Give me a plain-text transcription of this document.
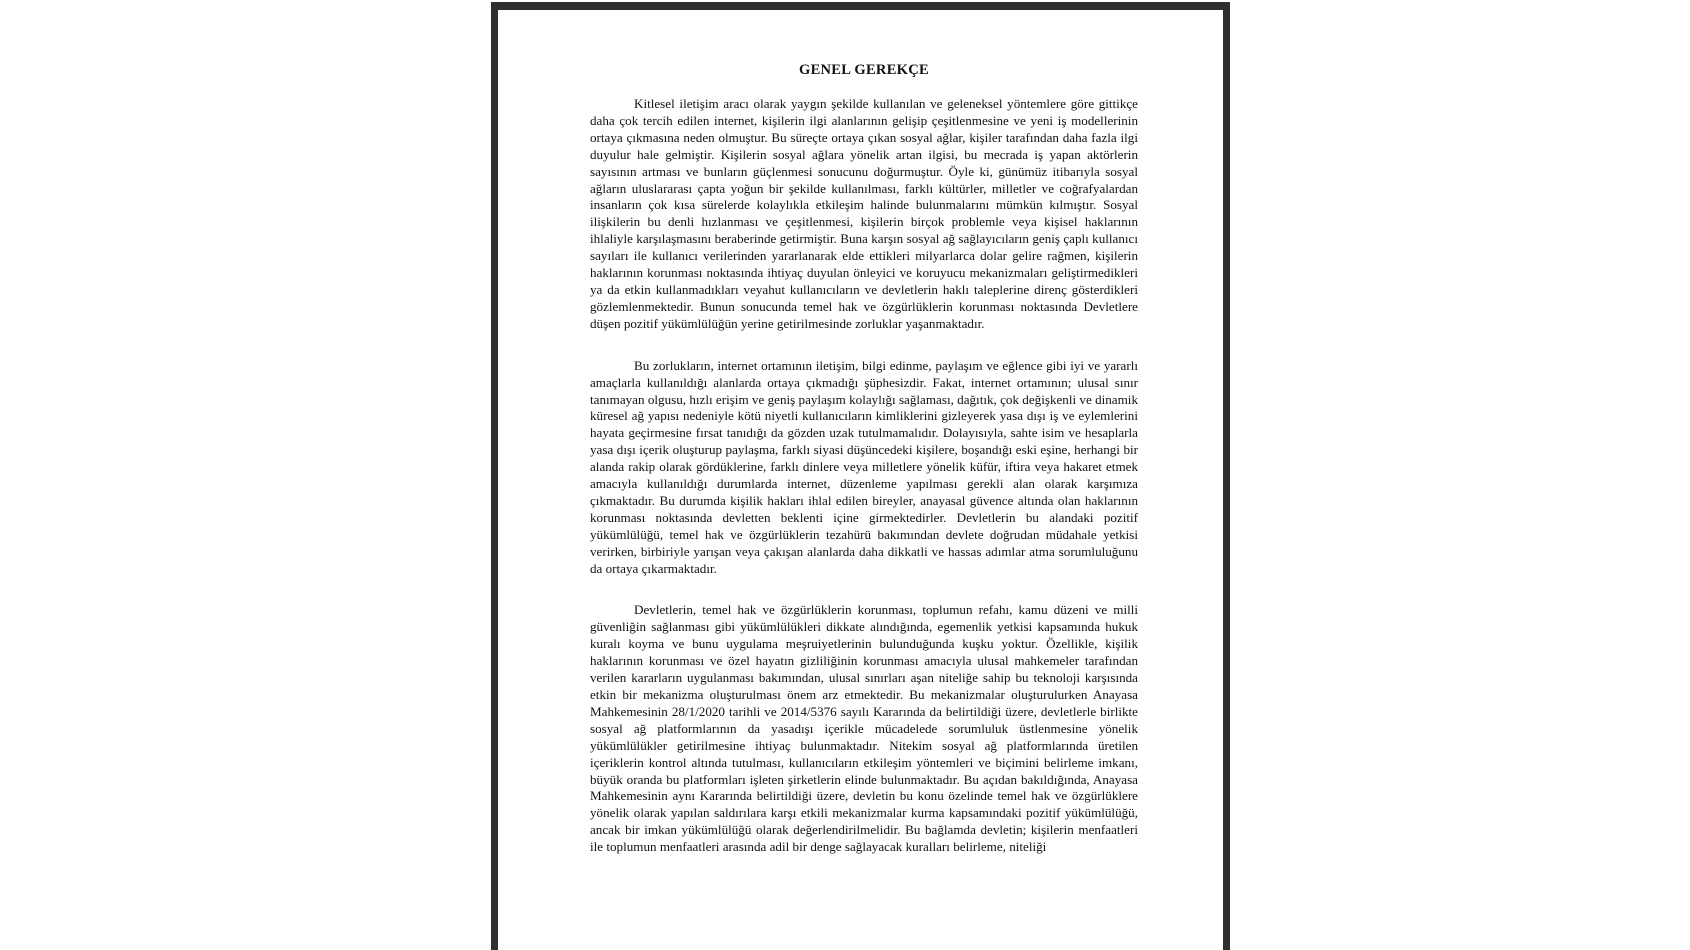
GENEL GEREKÇE

Kitlesel iletişim aracı olarak yaygın şekilde kullanılan ve geleneksel yöntemlere göre gittikçe daha çok tercih edilen internet, kişilerin ilgi alanlarının gelişip çeşitlenmesine ve yeni iş modellerinin ortaya çıkmasına neden olmuştur. Bu süreçte ortaya çıkan sosyal ağlar, kişiler tarafından daha fazla ilgi duyulur hale gelmiştir. Kişilerin sosyal ağlara yönelik artan ilgisi, bu mecrada iş yapan aktörlerin sayısının artması ve bunların güçlenmesi sonucunu doğurmuştur. Öyle ki, günümüz itibarıyla sosyal ağların uluslararası çapta yoğun bir şekilde kullanılması, farklı kültürler, milletler ve coğrafyalardan insanların çok kısa sürelerde kolaylıkla etkileşim halinde bulunmalarını mümkün kılmıştır. Sosyal ilişkilerin bu denli hızlanması ve çeşitlenmesi, kişilerin birçok problemle veya kişisel haklarının ihlaliyle karşılaşmasını beraberinde getirmiştir. Buna karşın sosyal ağ sağlayıcıların geniş çaplı kullanıcı sayıları ile kullanıcı verilerinden yararlanarak elde ettikleri milyarlarca dolar gelire rağmen, kişilerin haklarının korunması noktasında ihtiyaç duyulan önleyici ve koruyucu mekanizmaları geliştirmedikleri ya da etkin kullanmadıkları veyahut kullanıcıların ve devletlerin haklı taleplerine direnç gösterdikleri gözlemlenmektedir. Bunun sonucunda temel hak ve özgürlüklerin korunması noktasında Devletlere düşen pozitif yükümlülüğün yerine getirilmesinde zorluklar yaşanmaktadır.

Bu zorlukların, internet ortamının iletişim, bilgi edinme, paylaşım ve eğlence gibi iyi ve yararlı amaçlarla kullanıldığı alanlarda ortaya çıkmadığı şüphesizdir. Fakat, internet ortamının; ulusal sınır tanımayan olgusu, hızlı erişim ve geniş paylaşım kolaylığı sağlaması, dağıtık, çok değişkenli ve dinamik küresel ağ yapısı nedeniyle kötü niyetli kullanıcıların kimliklerini gizleyerek yasa dışı iş ve eylemlerini hayata geçirmesine fırsat tanıdığı da gözden uzak tutulmamalıdır. Dolayısıyla, sahte isim ve hesaplarla yasa dışı içerik oluşturup paylaşma, farklı siyasi düşüncedeki kişilere, boşandığı eski eşine, herhangi bir alanda rakip olarak gördüklerine, farklı dinlere veya milletlere yönelik küfür, iftira veya hakaret etmek amacıyla kullanıldığı durumlarda internet, düzenleme yapılması gerekli alan olarak karşımıza çıkmaktadır. Bu durumda kişilik hakları ihlal edilen bireyler, anayasal güvence altında olan haklarının korunması noktasında devletten beklenti içine girmektedirler. Devletlerin bu alandaki pozitif yükümlülüğü, temel hak ve özgürlüklerin tezahürü bakımından devlete doğrudan müdahale yetkisi verirken, birbiriyle yarışan veya çakışan alanlarda daha dikkatli ve hassas adımlar atma sorumluluğunu da ortaya çıkarmaktadır.

Devletlerin, temel hak ve özgürlüklerin korunması, toplumun refahı, kamu düzeni ve milli güvenliğin sağlanması gibi yükümlülükleri dikkate alındığında, egemenlik yetkisi kapsamında hukuk kuralı koyma ve bunu uygulama meşruiyetlerinin bulunduğunda kuşku yoktur. Özellikle, kişilik haklarının korunması ve özel hayatın gizliliğinin korunması amacıyla ulusal mahkemeler tarafından verilen kararların uygulanması bakımından, ulusal sınırları aşan niteliğe sahip bu teknoloji karşısında etkin bir mekanizma oluşturulması önem arz etmektedir. Bu mekanizmalar oluşturulurken Anayasa Mahkemesinin 28/1/2020 tarihli ve 2014/5376 sayılı Kararında da belirtildiği üzere, devletlerle birlikte sosyal ağ platformlarının da yasadışı içerikle mücadelede sorumluluk üstlenmesine yönelik yükümlülükler getirilmesine ihtiyaç bulunmaktadır. Nitekim sosyal ağ platformlarında üretilen içeriklerin kontrol altında tutulması, kullanıcıların etkileşim yöntemleri ve biçimini belirleme imkanı, büyük oranda bu platformları işleten şirketlerin elinde bulunmaktadır. Bu açıdan bakıldığında, Anayasa Mahkemesinin aynı Kararında belirtildiği üzere, devletin bu konu özelinde temel hak ve özgürlüklere yönelik olarak yapılan saldırılara karşı etkili mekanizmalar kurma kapsamındaki pozitif yükümlülüğü, ancak bir imkan yükümlülüğü olarak değerlendirilmelidir. Bu bağlamda devletin; kişilerin menfaatleri ile toplumun menfaatleri arasında adil bir denge sağlayacak kuralları belirleme, niteliği
